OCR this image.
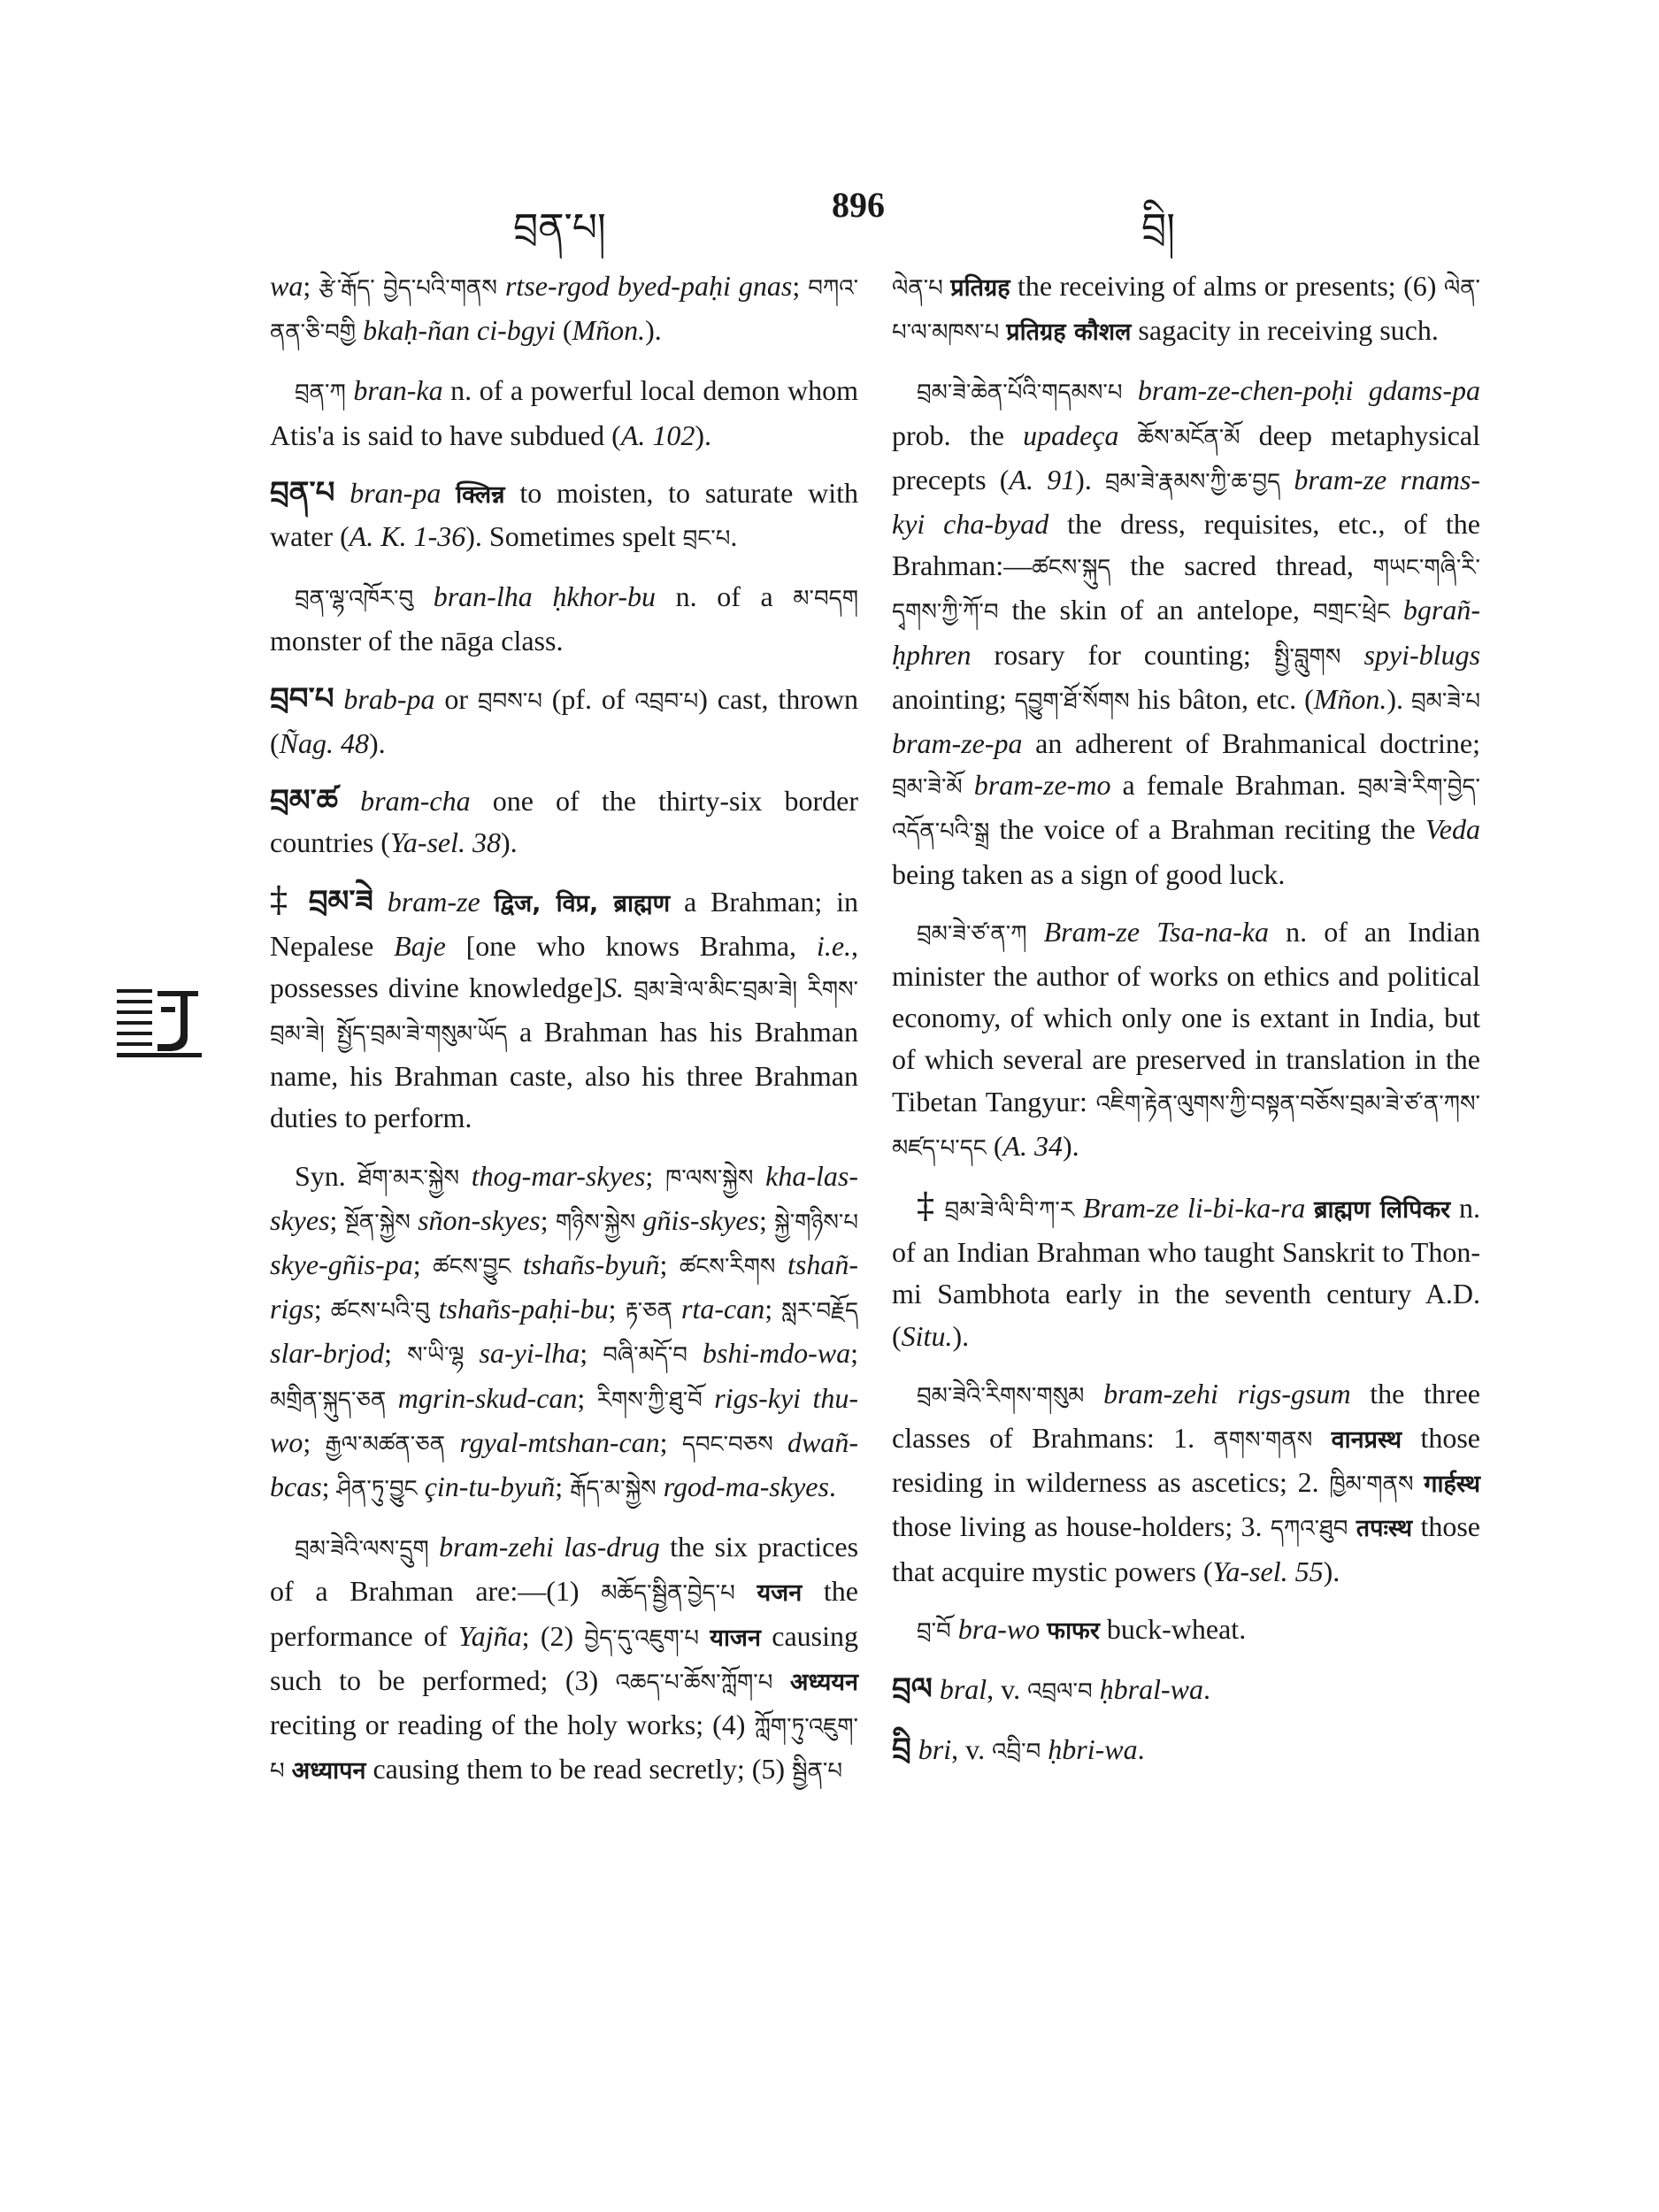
བྲན་པ།
896
བྲི།

wa; རྩེ་རྒོད་ བྱེད་པའི་གནས rtse-rgod byed-paḥi gnas; བཀའ་ནན་ཅི་བགྱི bkaḥ-ñan ci-bgyi (Mñon.).

བྲན་ཀ bran-ka n. of a powerful local demon whom Atis'a is said to have subdued (A. 102).

བྲན་པ bran-pa क्लिन्न to moisten, to saturate with water (A. K. 1-36). Sometimes spelt བྲང་པ.

བྲན་ལྷ་འཁོར་བུ bran-lha ḥkhor-bu n. of a མ་བདག monster of the nāga class.

བྲབ་པ brab-pa or བྲབས་པ (pf. of འབྲབ་པ) cast, thrown (Ñag. 48).

བྲམ་ཚ bram-cha one of the thirty-six border countries (Ya-sel. 38).

‡ བྲམ་ཟེ bram-ze द्विज, विप्र, ब्राह्मण a Brahman; in Nepalese Baje [one who knows Brahma, i.e., possesses divine knowledge]S. བྲམ་ཟེ་ལ་མིང་བྲམ་ཟེ། རིགས་བྲམ་ཟེ། སྤྱོད་བྲམ་ཟེ་གསུམ་ཡོད a Brahman has his Brahman name, his Brahman caste, also his three Brahman duties to perform.

Syn. ཐོག་མར་སྐྱེས thog-mar-skyes; ཁ་ལས་སྐྱེས kha-las-skyes; སྔོན་སྐྱེས sñon-skyes; གཉིས་སྐྱེས gñis-skyes; སྐྱེ་གཉིས་པ skye-gñis-pa; ཚངས་བྱུང tshañs-byuñ; ཚངས་རིགས tshañ-rigs; ཚངས་པའི་བུ tshañs-paḥi-bu; རྟ་ཅན rta-can; སླར་བརྗོད slar-brjod; ས་ཡི་ལྷ sa-yi-lha; བཞི་མདོ་བ bshi-mdo-wa; མགྲིན་སྐུད་ཅན mgrin-skud-can; རིགས་ཀྱི་ཐུ་བོ rigs-kyi thu-wo; རྒྱལ་མཚན་ཅན rgyal-mtshan-can; དབང་བཅས dwañ-bcas; ཤིན་ཏུ་བྱུང çin-tu-byuñ; རྒོད་མ་སྐྱེས rgod-ma-skyes.

བྲམ་ཟེའི་ལས་དྲུག bram-zehi las-drug the six practices of a Brahman are:—(1) མཆོད་སྦྱིན་བྱེད་པ यजन the performance of Yajña; (2) བྱེད་དུ་འཇུག་པ याजन causing such to be performed; (3) འཆད་པ་ཆོས་ཀློག་པ अध्ययन reciting or reading of the holy works; (4) ཀློག་ཏུ་འཇུག་པ अध्यापन causing them to be read secretly; (5) སྦྱིན་པ

ལེན་པ प्रतिग्रह the receiving of alms or presents; (6) ལེན་པ་ལ་མཁས་པ प्रतिग्रह कौशल sagacity in receiving such.

བྲམ་ཟེ་ཆེན་པོའི་གདམས་པ bram-ze-chen-poḥi gdams-pa prob. the upadeça ཆོས་མངོན་མོ deep metaphysical precepts (A. 91). བྲམ་ཟེ་རྣམས་ཀྱི་ཆ་བྱད bram-ze rnams-kyi cha-byad the dress, requisites, etc., of the Brahman:—ཚངས་སྐུད the sacred thread, གཡང་གཞི་རི་དྭགས་ཀྱི་ཀོ་བ the skin of an antelope, བགྲང་ཕྲེང bgrañ-ḥphren rosary for counting; སྤྱི་བླུགས spyi-blugs anointing; དབྱུག་ཐོ་སོགས his bâton, etc. (Mñon.). བྲམ་ཟེ་པ bram-ze-pa an adherent of Brahmanical doctrine; བྲམ་ཟེ་མོ bram-ze-mo a female Brahman. བྲམ་ཟེ་རིག་བྱེད་འདོན་པའི་སྒྲ the voice of a Brahman reciting the Veda being taken as a sign of good luck.

བྲམ་ཟེ་ཙ་ན་ཀ Bram-ze Tsa-na-ka n. of an Indian minister the author of works on ethics and political economy, of which only one is extant in India, but of which several are preserved in translation in the Tibetan Tangyur: འཇིག་རྟེན་ལུགས་ཀྱི་བསྟན་བཅོས་བྲམ་ཟེ་ཙ་ན་ཀས་མཛད་པ་དང (A. 34).

‡ བྲམ་ཟེ་ལི་བི་ཀ་ར Bram-ze li-bi-ka-ra ब्राह्मण लिपिकर n. of an Indian Brahman who taught Sanskrit to Thon-mi Sambhota early in the seventh century A.D. (Situ.).

བྲམ་ཟེའི་རིགས་གསུམ bram-zehi rigs-gsum the three classes of Brahmans: 1. ནགས་གནས वानप्रस्थ those residing in wilderness as ascetics; 2. ཁྱིམ་གནས गार्हस्थ those living as house-holders; 3. དཀའ་ཐུབ तपःस्थ those that acquire mystic powers (Ya-sel. 55).

བྲ་བོ bra-wo फाफर buck-wheat.

བྲལ bral, v. འབྲལ་བ ḥbral-wa.

བྲི bri, v. འབྲི་བ ḥbri-wa.
